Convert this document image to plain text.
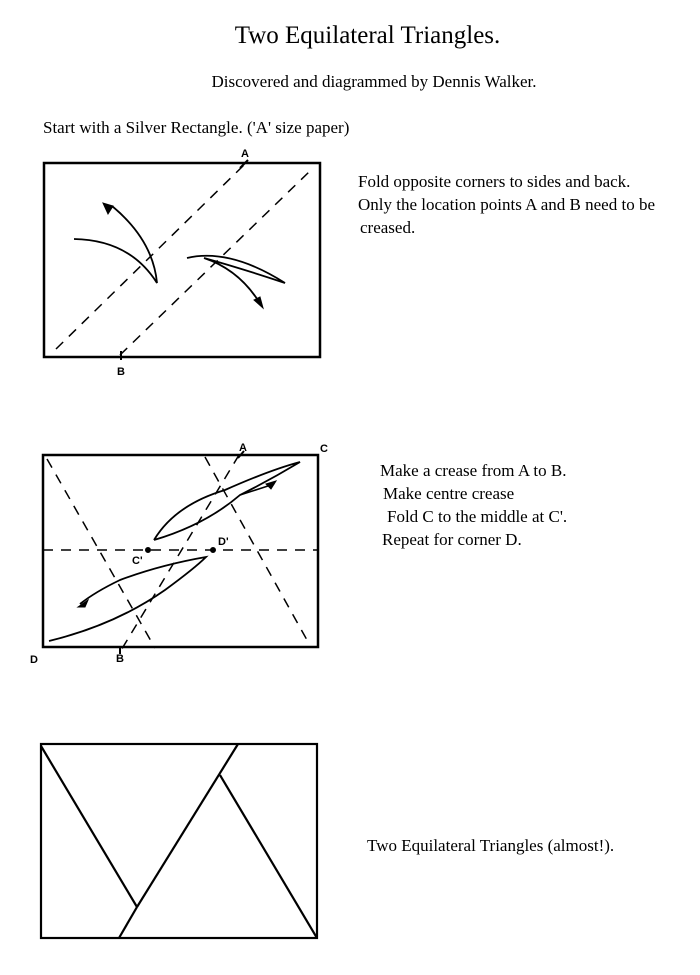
Two Equilateral Triangles.
Discovered and diagrammed by Dennis Walker.
Start with a Silver Rectangle. ('A' size paper)
Fold opposite corners to sides and back.
Only the location points A and B need to be
creased.
Make a crease from A to B.
Make centre crease
Fold C to the middle at C'.
Repeat for corner D.
Two Equilateral Triangles (almost!).
A
B
A
B
C
D
C'
D'
